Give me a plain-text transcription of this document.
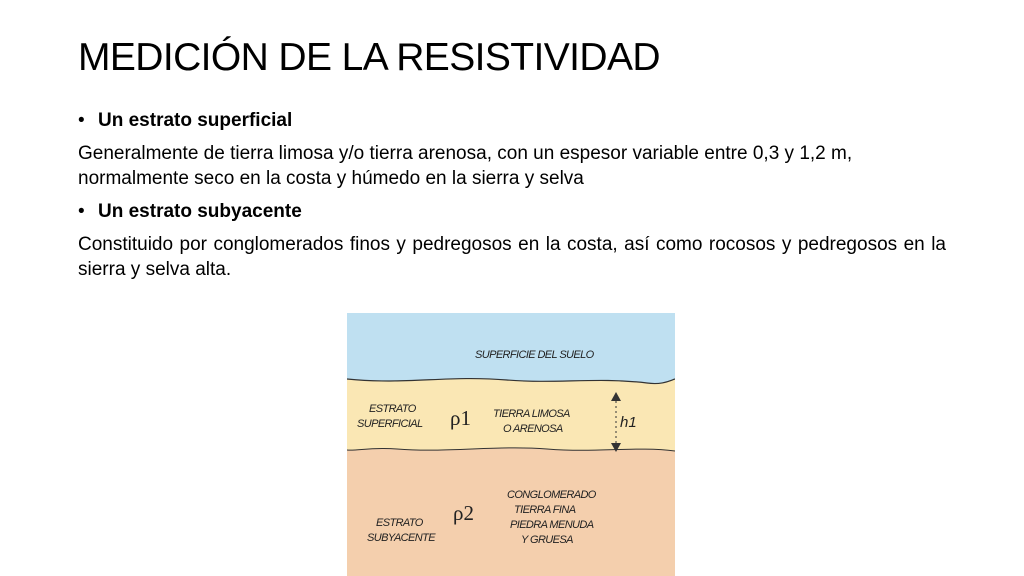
MEDICIÓN DE LA RESISTIVIDAD
• Un estrato superficial

Generalmente de tierra limosa y/o tierra arenosa, con un espesor variable entre 0,3 y 1,2 m, normalmente seco en la costa y húmedo en la sierra y selva

• Un estrato subyacente

Constituido por conglomerados finos y pedregosos en la costa, así como rocosos y pedregosos en la sierra y selva alta.

SUPERFICIE DEL SUELO
ESTRATO
SUPERFICIAL ρ1 TIERRA LIMOSA
O ARENOSA	h1
CONGLOMERADO
TIERRA FINA
PIEDRA MENUDA
Y GRUESA
ρ2
ESTRATO
SUBYACENTE
